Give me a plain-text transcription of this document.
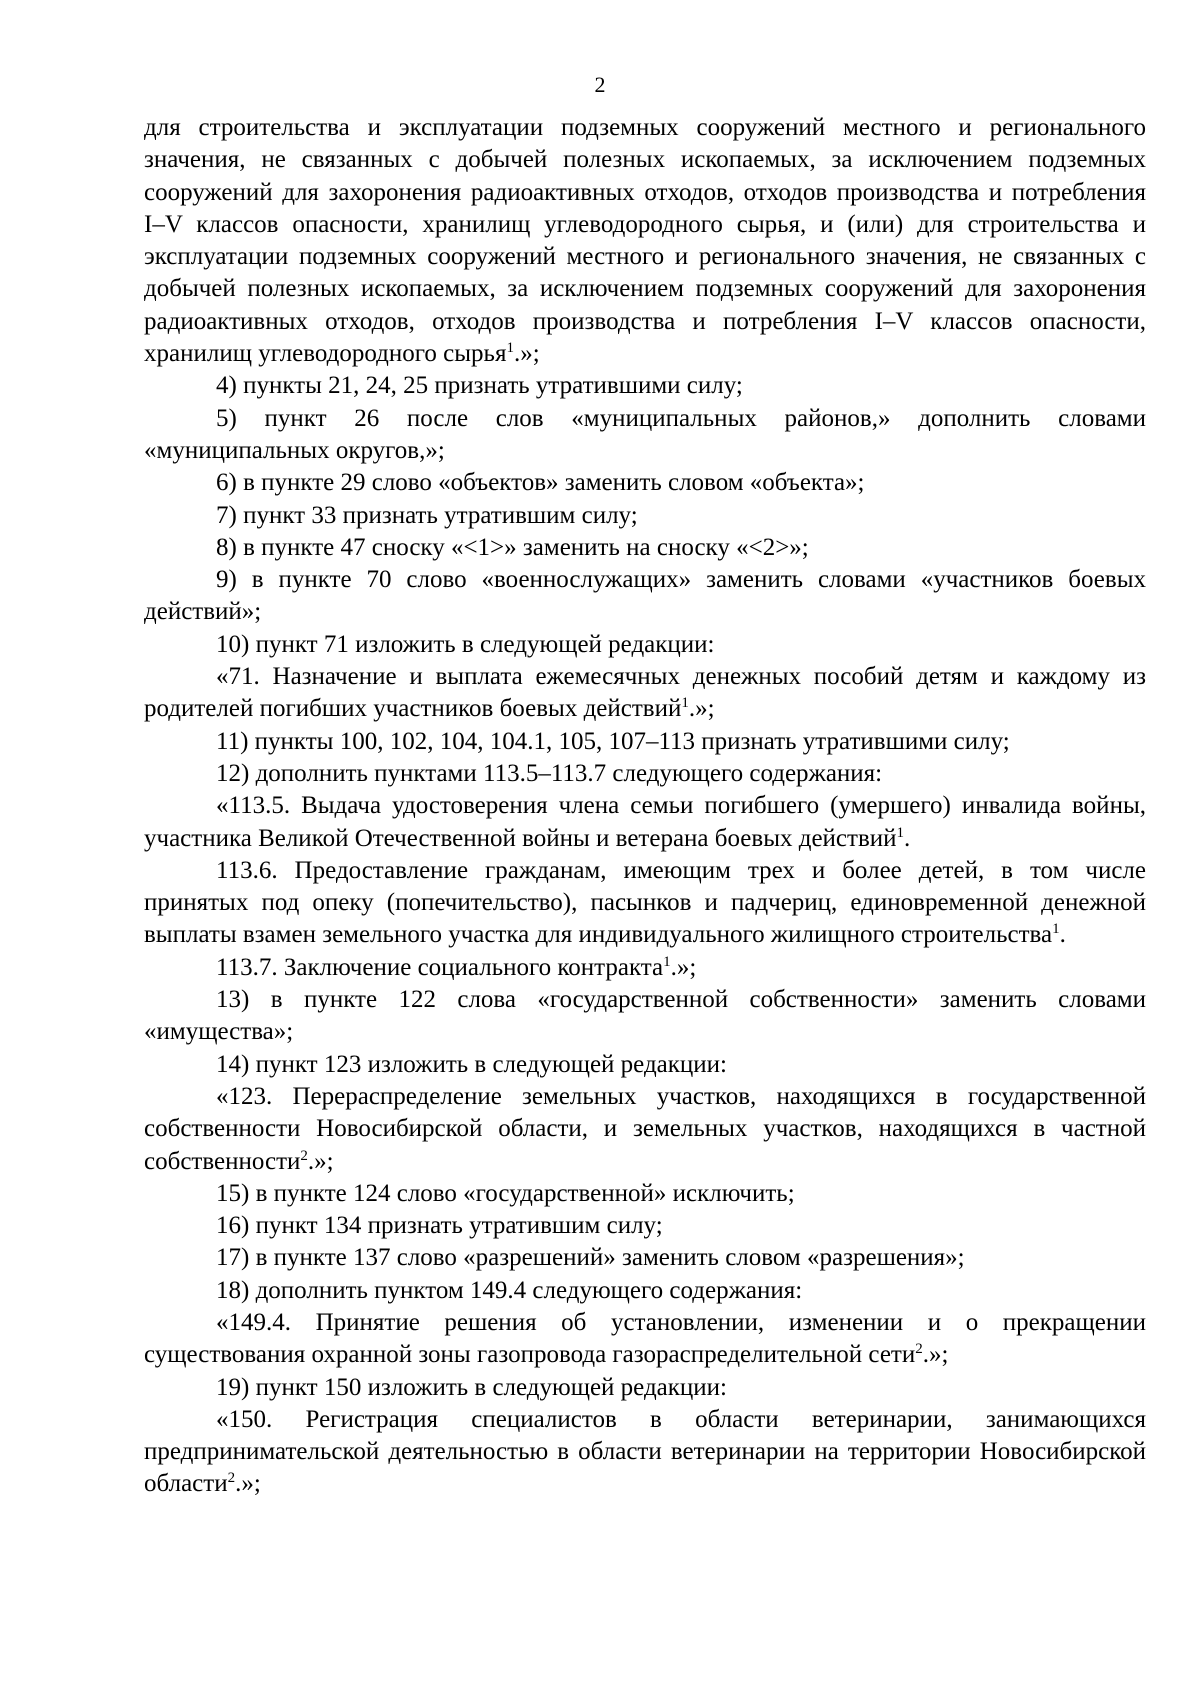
2

для строительства и эксплуатации подземных сооружений местного и регионального значения, не связанных с добычей полезных ископаемых, за исключением подземных сооружений для захоронения радиоактивных отходов, отходов производства и потребления I–V классов опасности, хранилищ углеводородного сырья, и (или) для строительства и эксплуатации подземных сооружений местного и регионального значения, не связанных с добычей полезных ископаемых, за исключением подземных сооружений для захоронения радиоактивных отходов, отходов производства и потребления I–V классов опасности, хранилищ углеводородного сырья$^1$.»;

4) пункты 21, 24, 25 признать утратившими силу;

5) пункт 26 после слов «муниципальных районов,» дополнить словами «муниципальных округов,»;

6) в пункте 29 слово «объектов» заменить словом «объекта»;

7) пункт 33 признать утратившим силу;

8) в пункте 47 сноску «<1>» заменить на сноску «<2>»;

9) в пункте 70 слово «военнослужащих» заменить словами «участников боевых действий»;

10) пункт 71 изложить в следующей редакции:

«71. Назначение и выплата ежемесячных денежных пособий детям и каждому из родителей погибших участников боевых действий$^1$.»;

11) пункты 100, 102, 104, 104.1, 105, 107–113 признать утратившими силу;

12) дополнить пунктами 113.5–113.7 следующего содержания:

«113.5. Выдача удостоверения члена семьи погибшего (умершего) инвалида войны, участника Великой Отечественной войны и ветерана боевых действий$^1$.

113.6. Предоставление гражданам, имеющим трех и более детей, в том числе принятых под опеку (попечительство), пасынков и падчериц, единовременной денежной выплаты взамен земельного участка для индивидуального жилищного строительства$^1$.

113.7. Заключение социального контракта$^1$.»;

13) в пункте 122 слова «государственной собственности» заменить словами «имущества»;

14) пункт 123 изложить в следующей редакции:

«123. Перераспределение земельных участков, находящихся в государственной собственности Новосибирской области, и земельных участков, находящихся в частной собственности$^2$.»;

15) в пункте 124 слово «государственной» исключить;

16) пункт 134 признать утратившим силу;

17) в пункте 137 слово «разрешений» заменить словом «разрешения»;

18) дополнить пунктом 149.4 следующего содержания:

«149.4. Принятие решения об установлении, изменении и о прекращении существования охранной зоны газопровода газораспределительной сети$^2$.»;

19) пункт 150 изложить в следующей редакции:

«150. Регистрация специалистов в области ветеринарии, занимающихся предпринимательской деятельностью в области ветеринарии на территории Новосибирской области$^2$.»;
